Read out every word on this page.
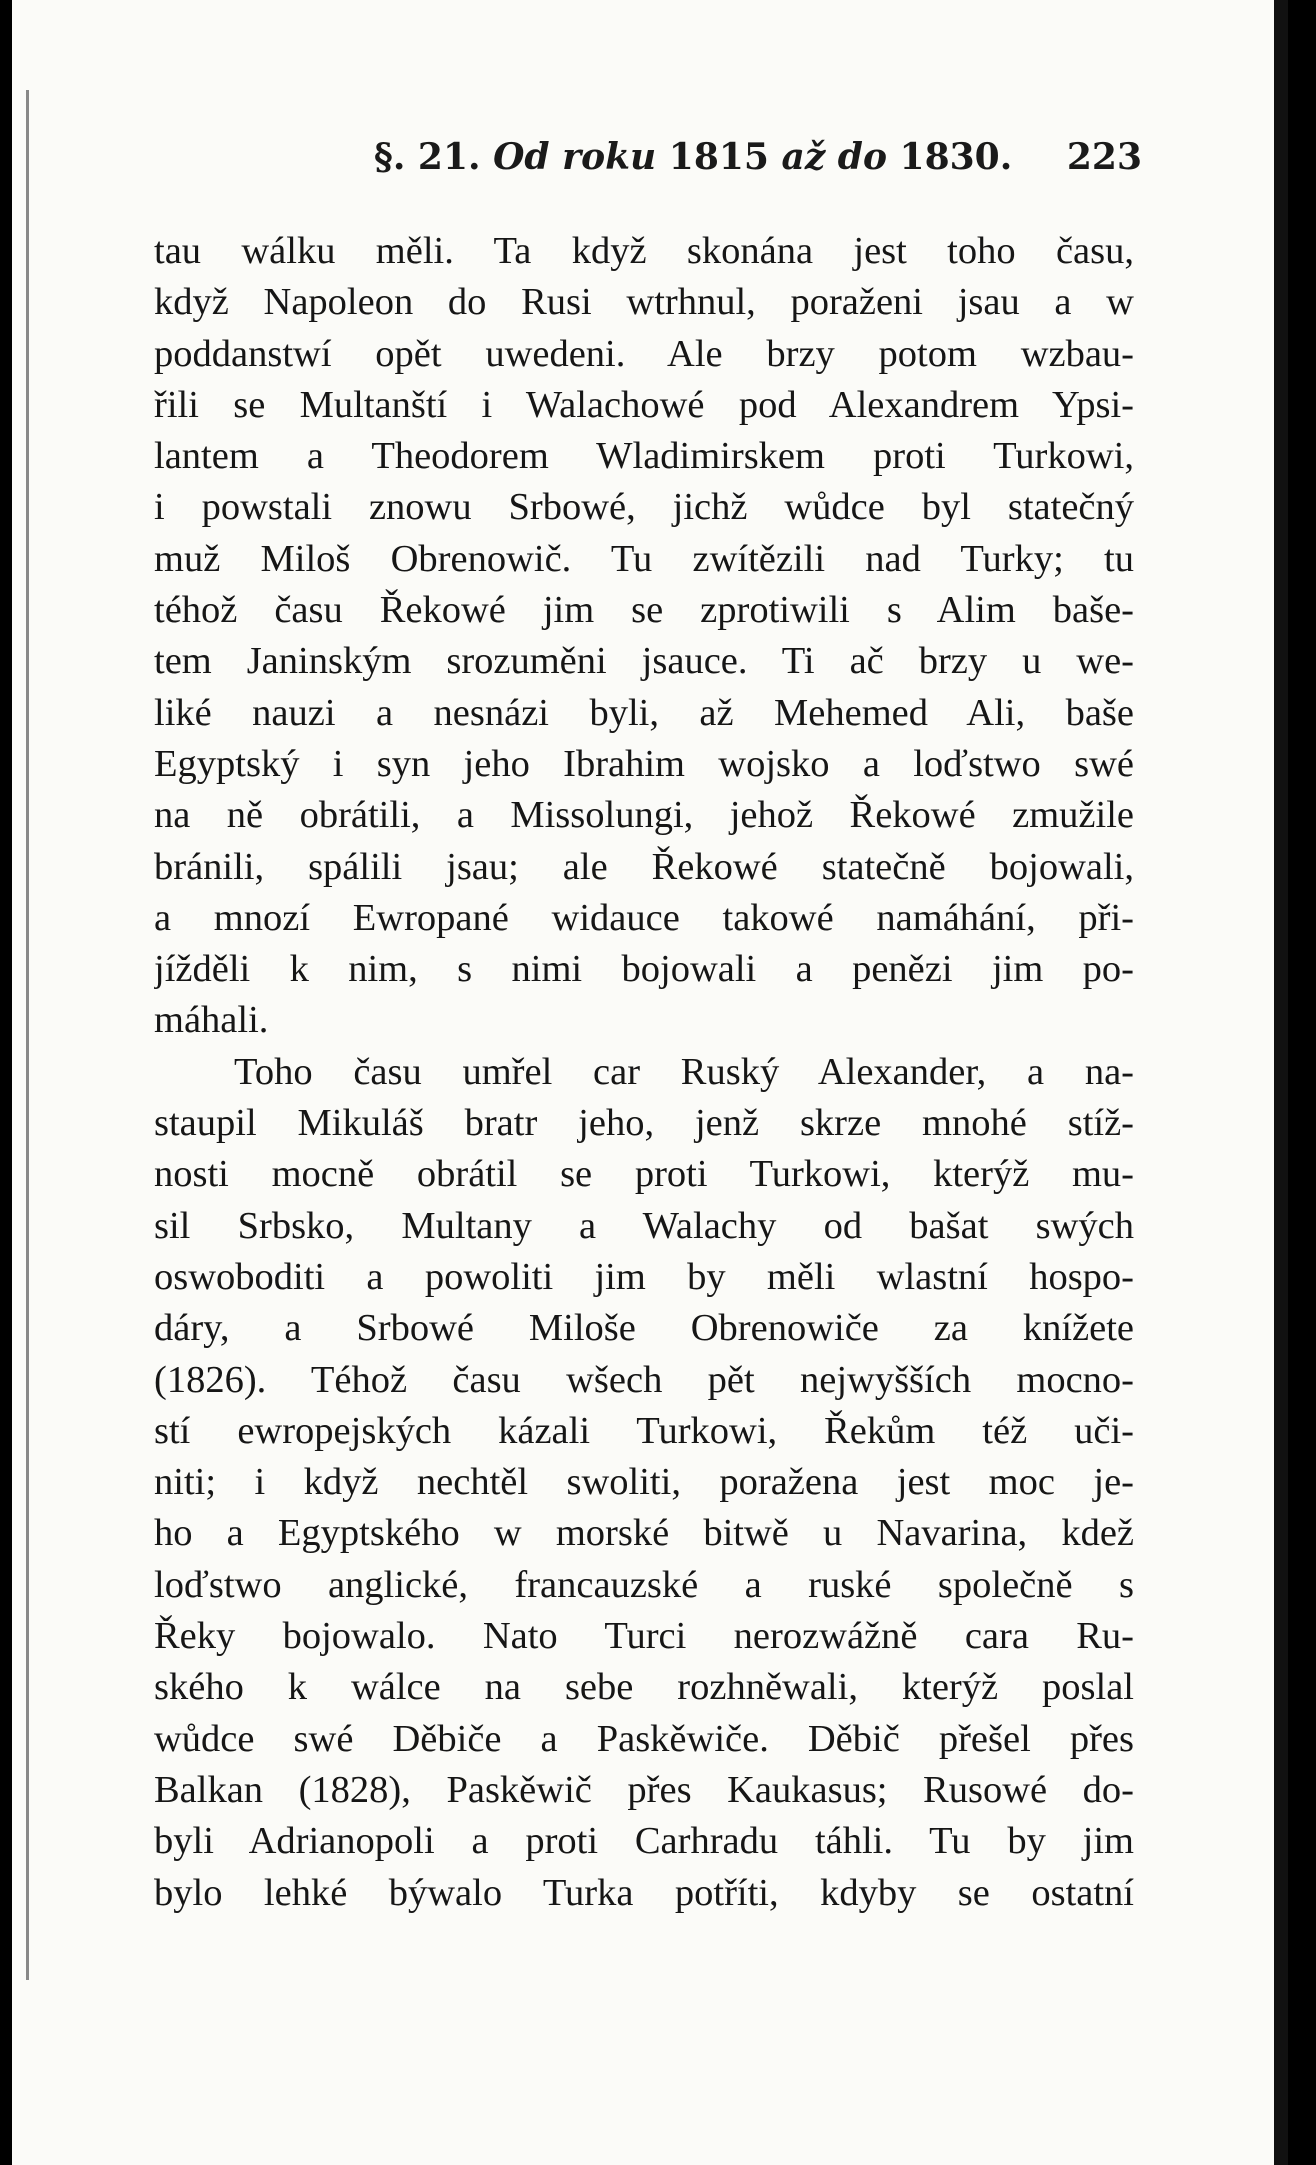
§. 21. Od roku 1815 až do 1830. 223
tau wálku měli. Ta když skonána jest toho času,
když Napoleon do Rusi wtrhnul, poraženi jsau a w
poddanstwí opět uwedeni. Ale brzy potom wzbau-
řili se Multanští i Walachowé pod Alexandrem Ypsi-
lantem a Theodorem Wladimirskem proti Turkowi,
i powstali znowu Srbowé, jichž wůdce byl statečný
muž Miloš Obrenowič. Tu zwítězili nad Turky; tu
téhož času Řekowé jim se zprotiwili s Alim baše-
tem Janinským srozuměni jsauce. Ti ač brzy u we-
liké nauzi a nesnázi byli, až Mehemed Ali, baše
Egyptský i syn jeho Ibrahim wojsko a loďstwo swé
na ně obrátili, a Missolungi, jehož Řekowé zmužile
bránili, spálili jsau; ale Řekowé statečně bojowali,
a mnozí Ewropané widauce takowé namáhání, při-
jížděli k nim, s nimi bojowali a penězi jim po-
máhali.
Toho času umřel car Ruský Alexander, a na-
staupil Mikuláš bratr jeho, jenž skrze mnohé stíž-
nosti mocně obrátil se proti Turkowi, kterýž mu-
sil Srbsko, Multany a Walachy od bašat swých
oswoboditi a powoliti jim by měli wlastní hospo-
dáry, a Srbowé Miloše Obrenowiče za knížete
(1826). Téhož času wšech pět nejwyšších mocno-
stí ewropejských kázali Turkowi, Řekům též uči-
niti; i když nechtěl swoliti, poražena jest moc je-
ho a Egyptského w morské bitwě u Navarina, kdež
loďstwo anglické, francauzské a ruské společně s
Řeky bojowalo. Nato Turci nerozwážně cara Ru-
ského k wálce na sebe rozhněwali, kterýž poslal
wůdce swé Děbiče a Paskěwiče. Děbič přešel přes
Balkan (1828), Paskěwič přes Kaukasus; Rusowé do-
byli Adrianopoli a proti Carhradu táhli. Tu by jim
bylo lehké býwalo Turka potříti, kdyby se ostatní
